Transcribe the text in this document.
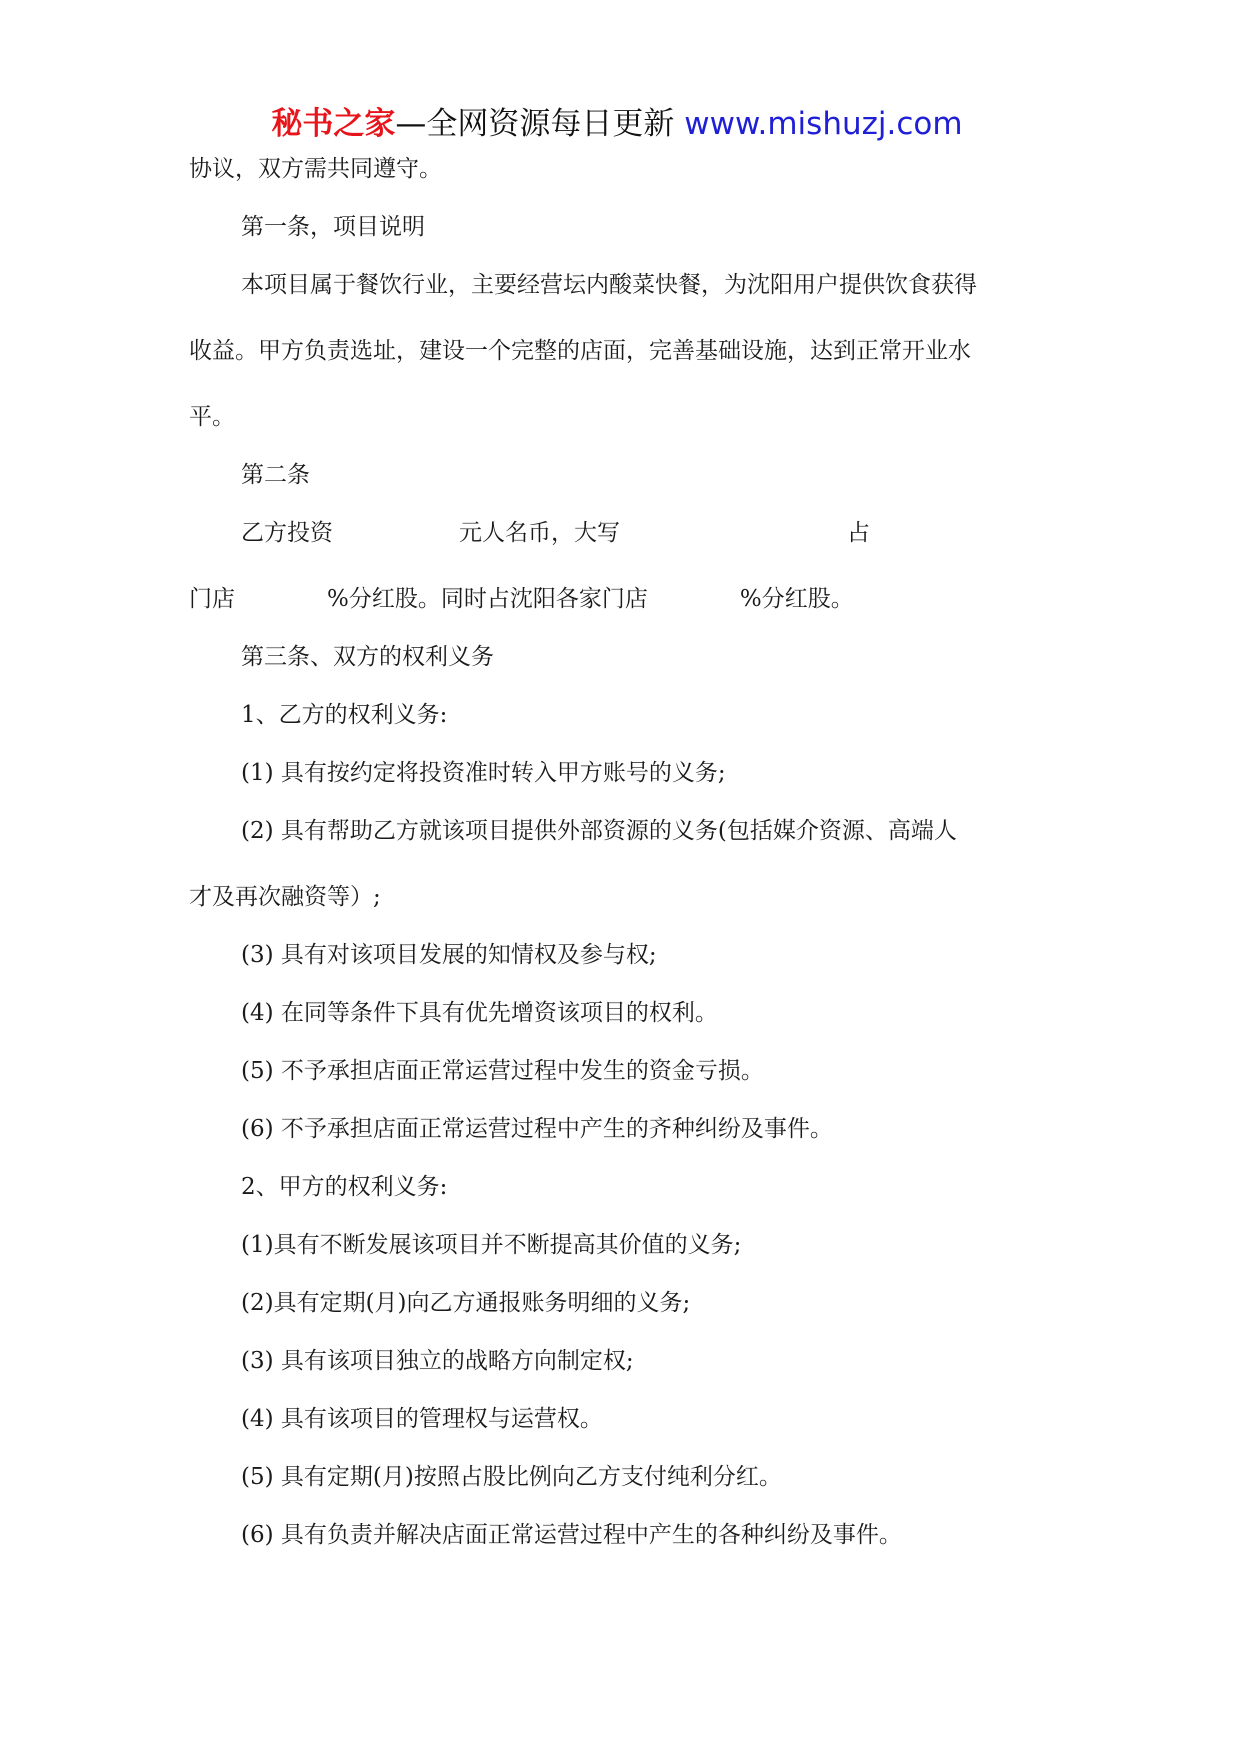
秘书之家—全网资源每日更新 www.mishuzj.com
协议，双方需共同遵守。
第一条，项目说明
本项目属于餐饮行业，主要经营坛内酸菜快餐，为沈阳用户提供饮食获得
收益。甲方负责选址，建设一个完整的店面，完善基础设施，达到正常开业水
平。
第二条
乙方投资	元人名币，大写	占
门店	%分红股。同时占沈阳各家门店	%分红股。
第三条、双方的权利义务
1、乙方的权利义务:
(1) 具有按约定将投资准时转入甲方账号的义务;
(2) 具有帮助乙方就该项目提供外部资源的义务(包括媒介资源、高端人
才及再次融资等）;
(3) 具有对该项目发展的知情权及参与权;
(4) 在同等条件下具有优先增资该项目的权利。
(5) 不予承担店面正常运营过程中发生的资金亏损。
(6) 不予承担店面正常运营过程中产生的齐种纠纷及事件。
2、甲方的权利义务:
(1)具有不断发展该项目并不断提高其价值的义务;
(2)具有定期(月)向乙方通报账务明细的义务;
(3) 具有该项目独立的战略方向制定权;
(4) 具有该项目的管理权与运营权。
(5) 具有定期(月)按照占股比例向乙方支付纯利分红。
(6) 具有负责并解决店面正常运营过程中产生的各种纠纷及事件。
